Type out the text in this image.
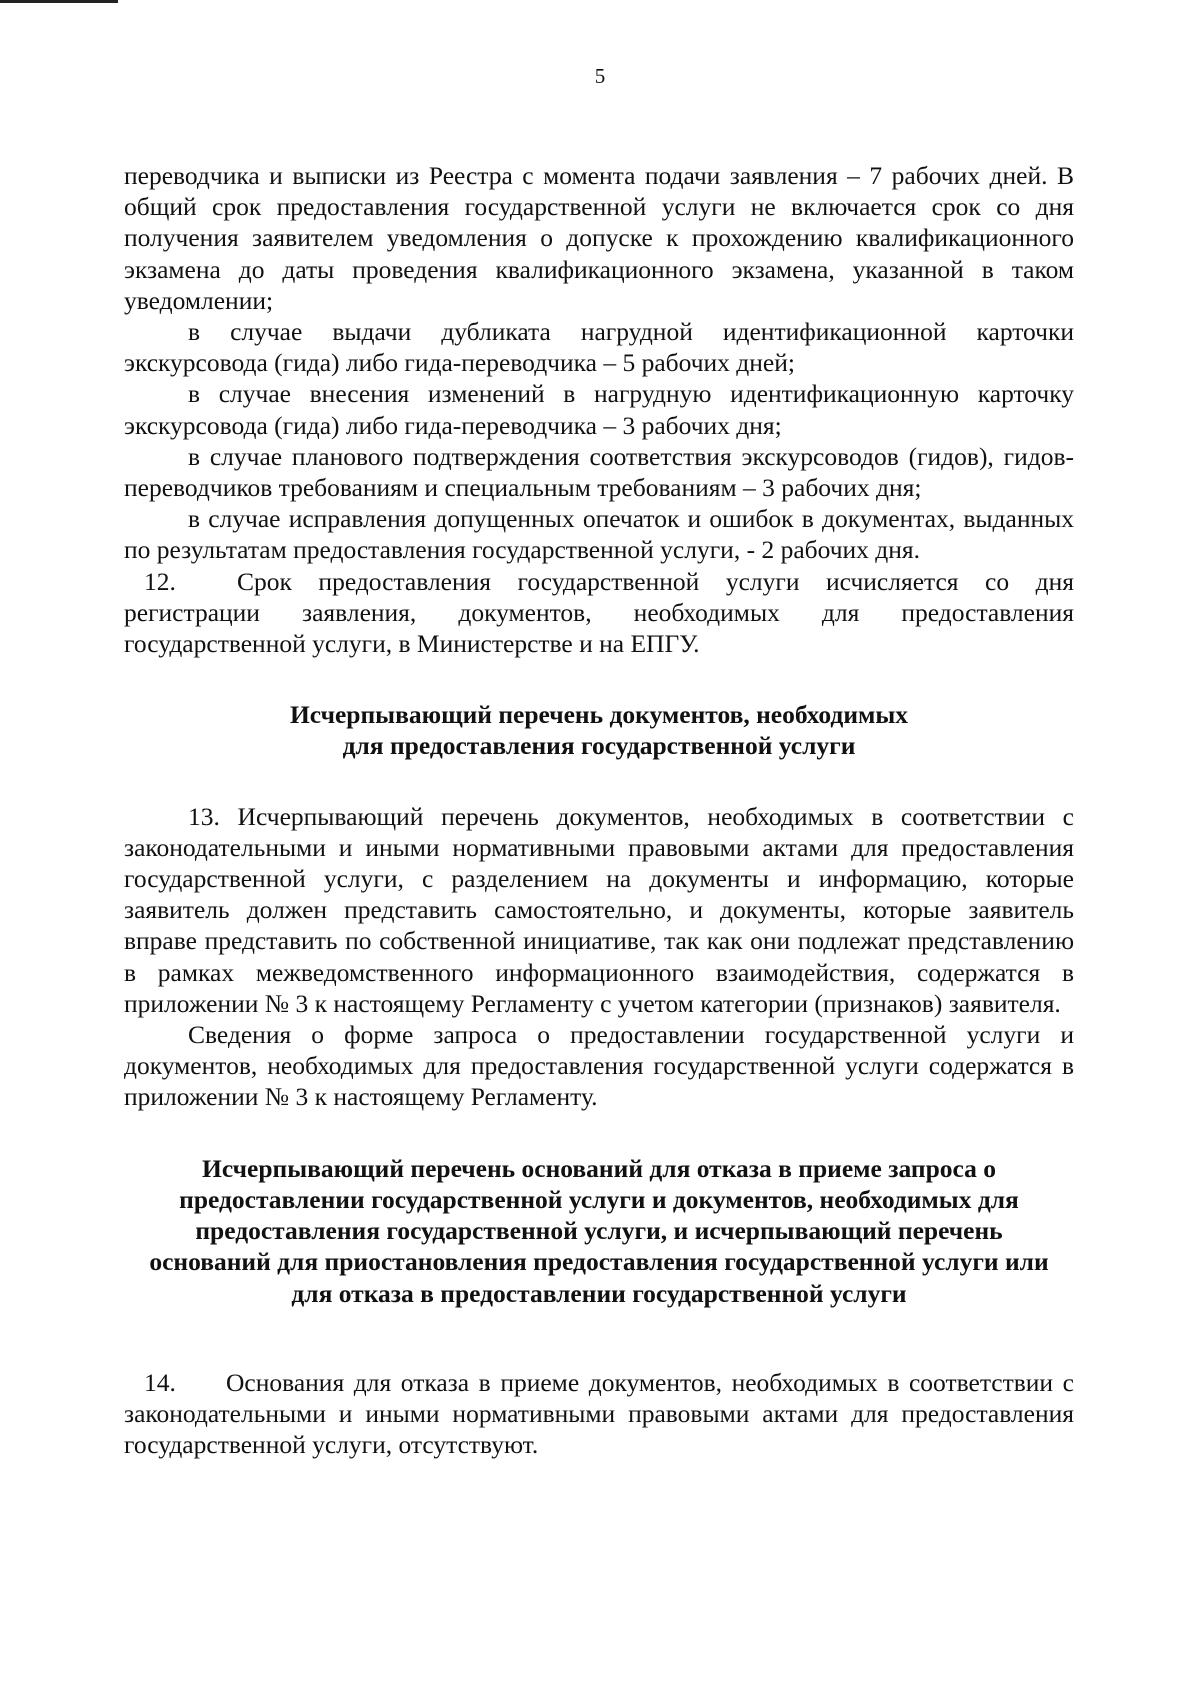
5

переводчика и выписки из Реестра с момента подачи заявления – 7 рабочих дней. В общий срок предоставления государственной услуги не включается срок со дня получения заявителем уведомления о допуске к прохождению квалификационного экзамена до даты проведения квалификационного экзамена, указанной в таком уведомлении;

в случае выдачи дубликата нагрудной идентификационной карточки экскурсовода (гида) либо гида-переводчика – 5 рабочих дней;

в случае внесения изменений в нагрудную идентификационную карточку экскурсовода (гида) либо гида-переводчика – 3 рабочих дня;

в случае планового подтверждения соответствия экскурсоводов (гидов), гидов-переводчиков требованиям и специальным требованиям – 3 рабочих дня;

в случае исправления допущенных опечаток и ошибок в документах, выданных по результатам предоставления государственной услуги, - 2 рабочих дня.

12. Срок предоставления государственной услуги исчисляется со дня регистрации заявления, документов, необходимых для предоставления государственной услуги, в Министерстве и на ЕПГУ.

Исчерпывающий перечень документов, необходимых
для предоставления государственной услуги

13. Исчерпывающий перечень документов, необходимых в соответствии с законодательными и иными нормативными правовыми актами для предоставления государственной услуги, с разделением на документы и информацию, которые заявитель должен представить самостоятельно, и документы, которые заявитель вправе представить по собственной инициативе, так как они подлежат представлению в рамках межведомственного информационного взаимодействия, содержатся в приложении № 3 к настоящему Регламенту с учетом категории (признаков) заявителя.

Сведения о форме запроса о предоставлении государственной услуги и документов, необходимых для предоставления государственной услуги содержатся в приложении № 3 к настоящему Регламенту.

Исчерпывающий перечень оснований для отказа в приеме запроса о
предоставлении государственной услуги и документов, необходимых для
предоставления государственной услуги, и исчерпывающий перечень
оснований для приостановления предоставления государственной услуги или
для отказа в предоставлении государственной услуги

14. Основания для отказа в приеме документов, необходимых в соответствии с законодательными и иными нормативными правовыми актами для предоставления государственной услуги, отсутствуют.
